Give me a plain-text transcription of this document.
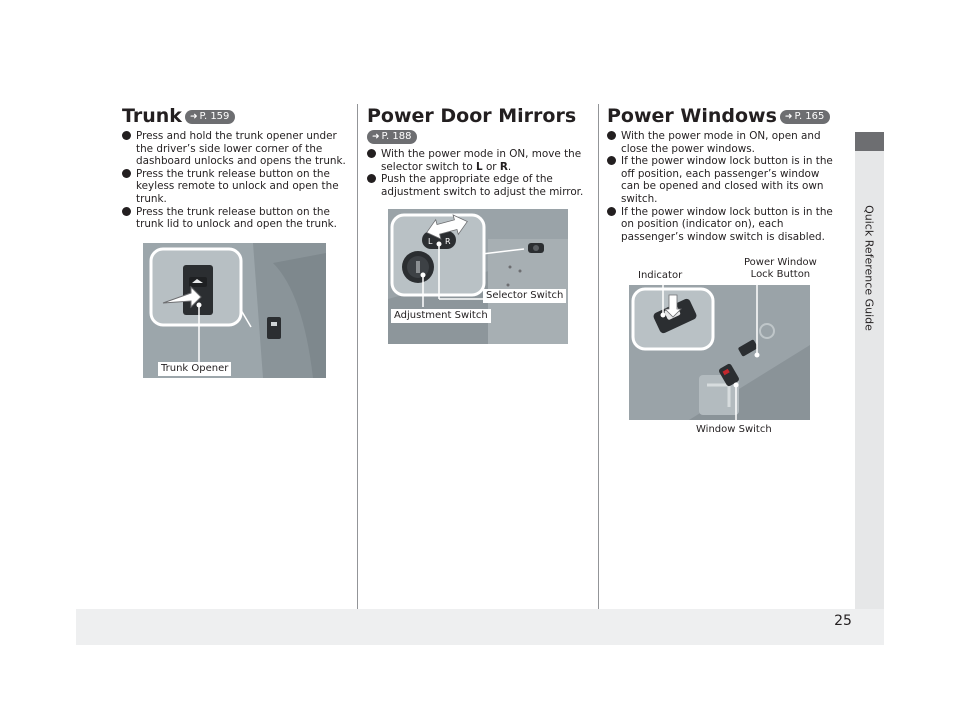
Quick Reference Guide
Trunk ➜ P. 159
Press and hold the trunk opener under the driver’s side lower corner of the dashboard unlocks and opens the trunk.
Press the trunk release button on the keyless remote to unlock and open the trunk.
Press the trunk release button on the trunk lid to unlock and open the trunk.
Trunk Opener
Power Door Mirrors
➜ P. 188
With the power mode in ON, move the selector switch to L or R.
Push the appropriate edge of the adjustment switch to adjust the mirror.
L R
Selector Switch
Adjustment Switch
Power Windows ➜ P. 165
With the power mode in ON, open and close the power windows.
If the power window lock button is in the off position, each passenger’s window can be opened and closed with its own switch.
If the power window lock button is in the on position (indicator on), each passenger’s window switch is disabled.
Indicator
Power Window
Lock Button
Window Switch
25
